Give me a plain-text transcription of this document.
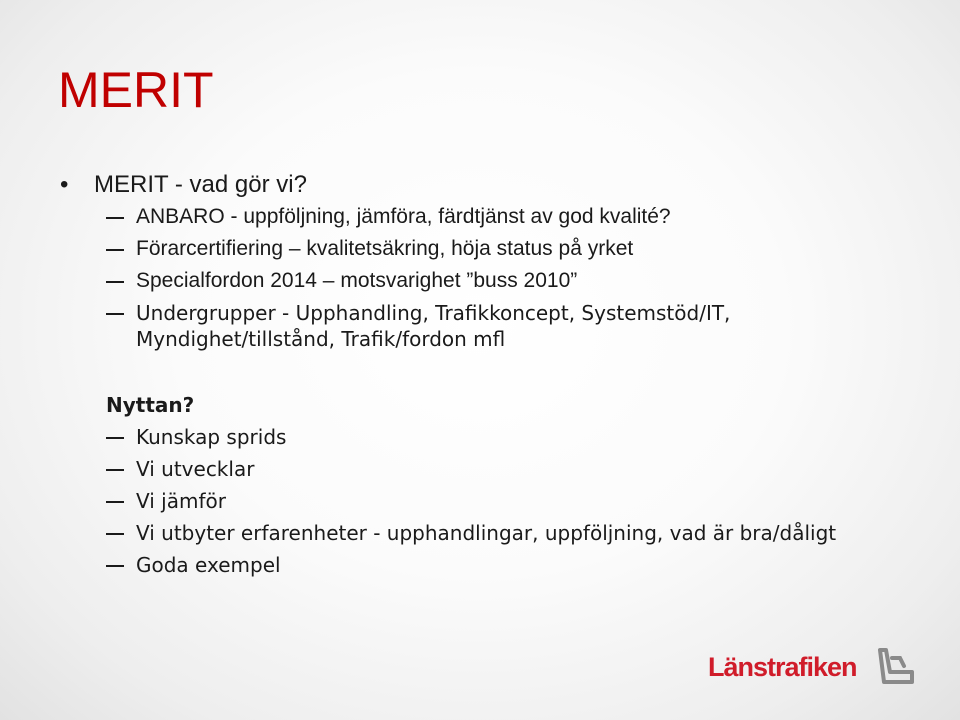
MERIT
• MERIT - vad gör vi?
ANBARO - uppföljning, jämföra, färdtjänst av god kvalité?
Förarcertifiering – kvalitetsäkring, höja status på yrket
Specialfordon 2014 – motsvarighet ”buss 2010”
Undergrupper - Upphandling, Trafikkoncept, Systemstöd/IT,
Myndighet/tillstånd, Trafik/fordon mfl
Nyttan?
Kunskap sprids
Vi utvecklar
Vi jämför
Vi utbyter erfarenheter - upphandlingar, uppföljning, vad är bra/dåligt
Goda exempel
Länstrafiken
